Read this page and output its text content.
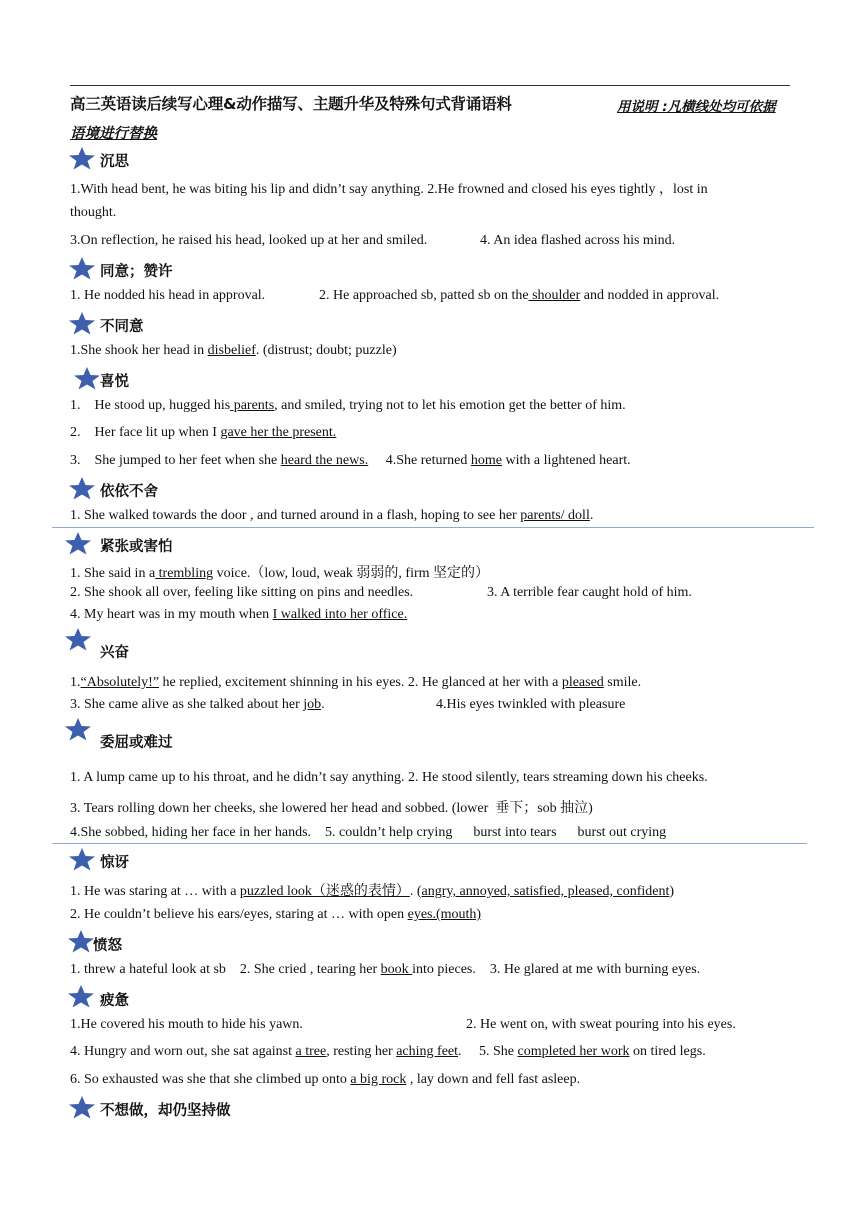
高三英语读后续写心理&动作描写、主题升华及特殊句式背诵语料	用说明 :凡横线处均可依据
语境进行替换
沉思
1.With head bent, he was biting his lip and didn’t say anything. 2.He frowned and closed his eyes tightly ，lost in
thought.
3.On reflection, he raised his head, looked up at her and smiled.	4. An idea flashed across his mind.
同意；赞许
1. He nodded his head in approval.	2. He approached sb, patted sb on the shoulder and nodded in approval.
不同意
1.She shook her head in disbelief. (distrust; doubt; puzzle)
喜悦
1.    He stood up, hugged his parents, and smiled, trying not to let his emotion get the better of him.
2.    Her face lit up when I gave her the present.
3.    She jumped to her feet when she heard the news.     4.She returned home with a lightened heart.
依依不舍
1. She walked towards the door , and turned around in a flash, hoping to see her parents/ doll.
紧张或害怕
1. She said in a trembling voice.（low, loud, weak 弱弱的, firm 坚定的）
2. She shook all over, feeling like sitting on pins and needles.	3. A terrible fear caught hold of him.
4. My heart was in my mouth when I walked into her office.
兴奋
1.“Absolutely!” he replied, excitement shinning in his eyes. 2. He glanced at her with a pleased smile.
3. She came alive as she talked about her job.	4.His eyes twinkled with pleasure
委屈或难过
1. A lump came up to his throat, and he didn’t say anything. 2. He stood silently, tears streaming down his cheeks.
3. Tears rolling down her cheeks, she lowered her head and sobbed. (lower  垂下；sob 抽泣)
4.She sobbed, hiding her face in her hands.    5. couldn’t help crying      burst into tears      burst out crying
惊讶
1. He was staring at … with a puzzled look（迷惑的表情）. (angry, annoyed, satisfied, pleased, confident)
2. He couldn’t believe his ears/eyes, staring at … with open eyes.(mouth)
愤怒
1. threw a hateful look at sb    2. She cried , tearing her book into pieces.    3. He glared at me with burning eyes.
疲惫
1.He covered his mouth to hide his yawn.	2. He went on, with sweat pouring into his eyes.
4. Hungry and worn out, she sat against a tree, resting her aching feet.     5. She completed her work on tired legs.
6. So exhausted was she that she climbed up onto a big rock , lay down and fell fast asleep.
不想做，却仍坚持做
